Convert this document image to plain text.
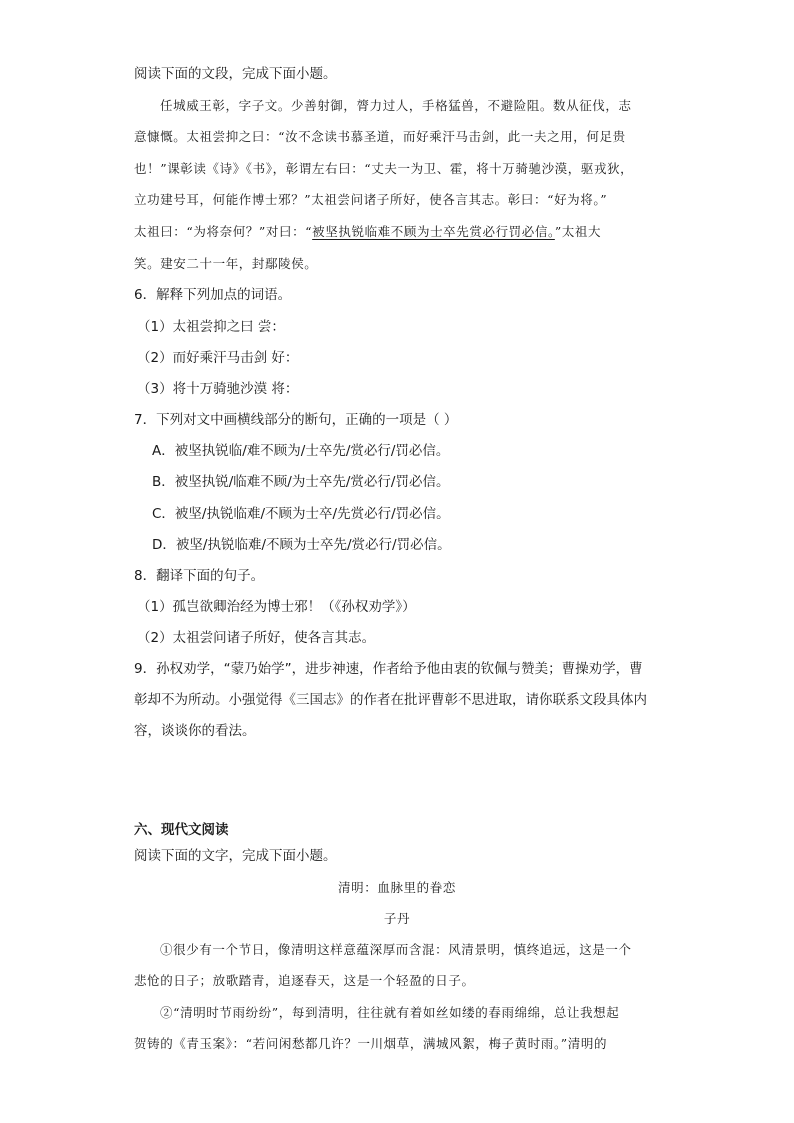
阅读下面的文段，完成下面小题。
任城威王彰，字子文。少善射御，膂力过人，手格猛兽，不避险阻。数从征伐，志
意慷慨。太祖尝抑之曰：“汝不念读书慕圣道，而好乘汗马击剑，此一夫之用，何足贵
也！”课彰读《诗》《书》，彰谓左右曰：“丈夫一为卫、霍，将十万骑驰沙漠，驱戎狄，
立功建号耳，何能作博士邪？”太祖尝问诸子所好，使各言其志。彰曰：“好为将。”
太祖曰：“为将奈何？”对曰：“被坚执锐临难不顾为士卒先赏必行罚必信。”太祖大
笑。建安二十一年，封鄢陵侯。
6．解释下列加点的词语。
（1）太祖尝抑之曰 尝：
（2）而好乘汗马击剑 好：
（3）将十万骑驰沙漠 将：
7．下列对文中画横线部分的断句，正确的一项是（ ）
A．被坚执锐临/难不顾为/士卒先/赏必行/罚必信。
B．被坚执锐/临难不顾/为士卒先/赏必行/罚必信。
C．被坚/执锐临难/不顾为士卒/先赏必行/罚必信。
D．被坚/执锐临难/不顾为士卒先/赏必行/罚必信。
8．翻译下面的句子。
（1）孤岂欲卿治经为博士邪！（《孙权劝学》）
（2）太祖尝问诸子所好，使各言其志。
9．孙权劝学，“蒙乃始学”，进步神速，作者给予他由衷的钦佩与赞美；曹操劝学，曹
彰却不为所动。小强觉得《三国志》的作者在批评曹彰不思进取，请你联系文段具体内
容，谈谈你的看法。
六、现代文阅读
阅读下面的文字，完成下面小题。
清明：血脉里的眷恋
子丹
①很少有一个节日，像清明这样意蕴深厚而含混：风清景明，慎终追远，这是一个
悲怆的日子；放歌踏青，追逐春天，这是一个轻盈的日子。
②“清明时节雨纷纷”，每到清明，往往就有着如丝如缕的春雨绵绵，总让我想起
贺铸的《青玉案》：“若问闲愁都几许？一川烟草，满城风絮，梅子黄时雨。”清明的
